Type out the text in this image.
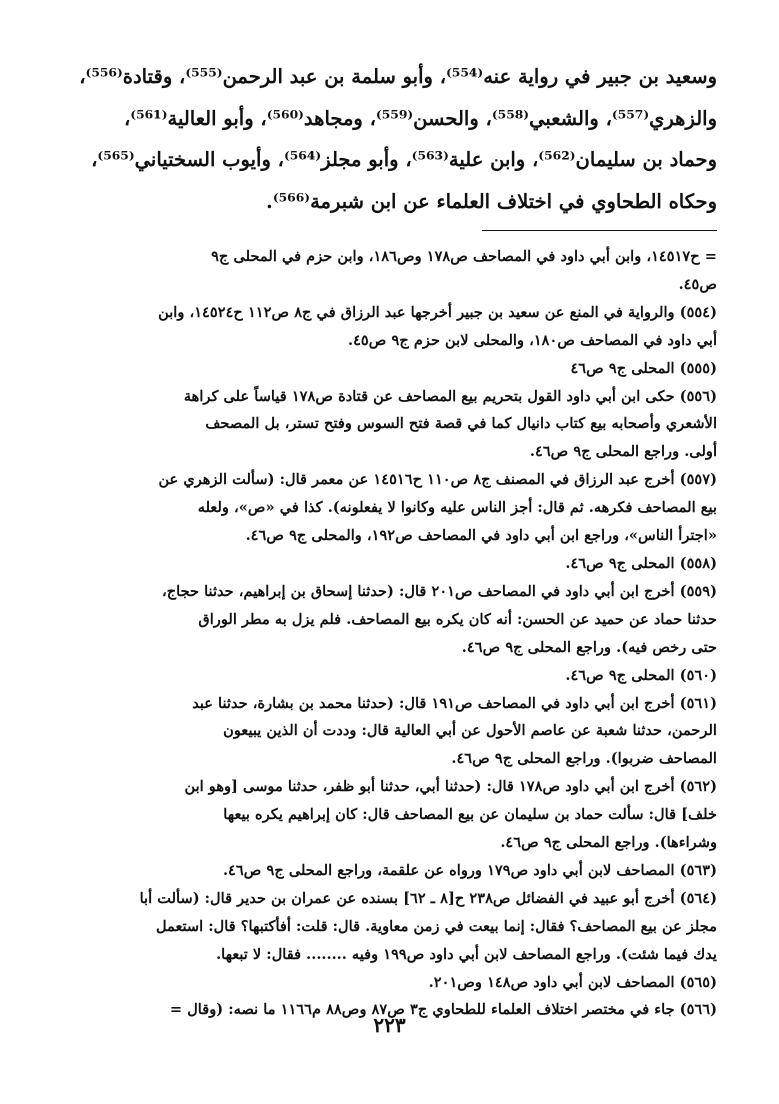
وسعيد بن جبير في رواية عنه⁽⁵⁵⁴⁾، وأبو سلمة بن عبد الرحمن⁽⁵⁵⁵⁾، وقتادة⁽⁵⁵⁶⁾،
والزهري⁽⁵⁵⁷⁾، والشعبي⁽⁵⁵⁸⁾، والحسن⁽⁵⁵⁹⁾، ومجاهد⁽⁵⁶⁰⁾، وأبو العالية⁽⁵⁶¹⁾،
وحماد بن سليمان⁽⁵⁶²⁾، وابن علية⁽⁵⁶³⁾، وأبو مجلز⁽⁵⁶⁴⁾، وأيوب السختياني⁽⁵⁶⁵⁾،
وحكاه الطحاوي في اختلاف العلماء عن ابن شبرمة⁽⁵⁶⁶⁾.
= ح١٤٥١٧، وابن أبي داود في المصاحف ص١٧٨ وص١٨٦، وابن حزم في المحلى ج٩
ص٤٥.
(٥٥٤) والرواية في المنع عن سعيد بن جبير أخرجها عبد الرزاق في ج٨ ص١١٢ ح١٤٥٢٤، وابن
أبي داود في المصاحف ص١٨٠، والمحلى لابن حزم ج٩ ص٤٥.
(٥٥٥) المحلى ج٩ ص٤٦
(٥٥٦) حكى ابن أبي داود القول بتحريم بيع المصاحف عن قتادة ص١٧٨ قياساً على كراهة
الأشعري وأصحابه بيع كتاب دانيال كما في قصة فتح السوس وفتح تستر، بل المصحف
أولى. وراجع المحلى ج٩ ص٤٦.
(٥٥٧) أخرج عبد الرزاق في المصنف ج٨ ص١١٠ ح١٤٥١٦ عن معمر قال: (سألت الزهري عن
بيع المصاحف فكرهه. ثم قال: أجز الناس عليه وكانوا لا يفعلونه). كذا في «ص»، ولعله
«اجترأ الناس»، وراجع ابن أبي داود في المصاحف ص١٩٢، والمحلى ج٩ ص٤٦.
(٥٥٨) المحلى ج٩ ص٤٦.
(٥٥٩) أخرج ابن أبي داود في المصاحف ص٢٠١ قال: (حدثنا إسحاق بن إبراهيم، حدثنا حجاج،
حدثنا حماد عن حميد عن الحسن: أنه كان يكره بيع المصاحف. فلم يزل به مطر الوراق
حتى رخص فيه). وراجع المحلى ج٩ ص٤٦.
(٥٦٠) المحلى ج٩ ص٤٦.
(٥٦١) أخرج ابن أبي داود في المصاحف ص١٩١ قال: (حدثنا محمد بن بشارة، حدثنا عبد
الرحمن، حدثنا شعبة عن عاصم الأحول عن أبي العالية قال: وددت أن الذين يبيعون
المصاحف ضربوا). وراجع المحلى ج٩ ص٤٦.
(٥٦٢) أخرج ابن أبي داود ص١٧٨ قال: (حدثنا أبي، حدثنا أبو ظفر، حدثنا موسى [وهو ابن
خلف] قال: سألت حماد بن سليمان عن بيع المصاحف قال: كان إبراهيم يكره بيعها
وشراءها). وراجع المحلى ج٩ ص٤٦.
(٥٦٣) المصاحف لابن أبي داود ص١٧٩ ورواه عن علقمة، وراجع المحلى ج٩ ص٤٦.
(٥٦٤) أخرج أبو عبيد في الفضائل ص٢٣٨ ح[٨ ـ ٦٢] بسنده عن عمران بن حدير قال: (سألت أبا
مجلز عن بيع المصاحف؟ فقال: إنما بيعت في زمن معاوية. قال: قلت: أفأكتبها؟ قال: استعمل
يدك فيما شئت). وراجع المصاحف لابن أبي داود ص١٩٩ وفيه ........ فقال: لا تبعها.
(٥٦٥) المصاحف لابن أبي داود ص١٤٨ وص٢٠١.
(٥٦٦) جاء في مختصر اختلاف العلماء للطحاوي ج٣ ص٨٧ وص٨٨ م١١٦٦ ما نصه: (وقال =
٢٢٣
